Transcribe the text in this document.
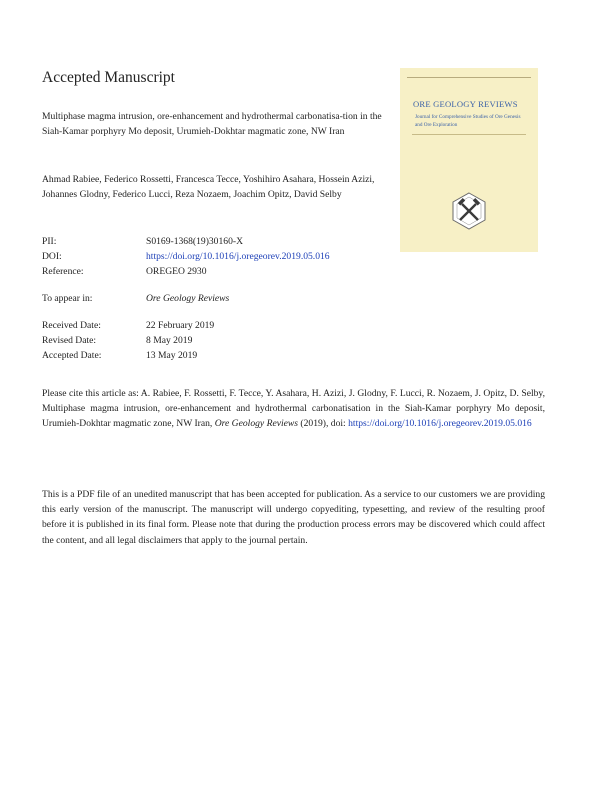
Accepted Manuscript
Multiphase magma intrusion, ore-enhancement and hydrothermal carbonatisa-tion in the Siah-Kamar porphyry Mo deposit, Urumieh-Dokhtar magmatic zone, NW Iran
Ahmad Rabiee, Federico Rossetti, Francesca Tecce, Yoshihiro Asahara, Hossein Azizi, Johannes Glodny, Federico Lucci, Reza Nozaem, Joachim Opitz, David Selby
PII:	S0169-1368(19)30160-X
DOI:	https://doi.org/10.1016/j.oregeorev.2019.05.016
Reference:	OREGEO 2930
To appear in:	Ore Geology Reviews
Received Date:	22 February 2019
Revised Date:	8 May 2019
Accepted Date:	13 May 2019
Please cite this article as: A. Rabiee, F. Rossetti, F. Tecce, Y. Asahara, H. Azizi, J. Glodny, F. Lucci, R. Nozaem, J. Opitz, D. Selby, Multiphase magma intrusion, ore-enhancement and hydrothermal carbonatisation in the Siah-Kamar porphyry Mo deposit, Urumieh-Dokhtar magmatic zone, NW Iran, Ore Geology Reviews (2019), doi: https://doi.org/10.1016/j.oregeorev.2019.05.016
This is a PDF file of an unedited manuscript that has been accepted for publication. As a service to our customers we are providing this early version of the manuscript. The manuscript will undergo copyediting, typesetting, and review of the resulting proof before it is published in its final form. Please note that during the production process errors may be discovered which could affect the content, and all legal disclaimers that apply to the journal pertain.
ORE GEOLOGY REVIEWS
Journal for Comprehensive Studies of Ore Genesis and Ore Exploration
